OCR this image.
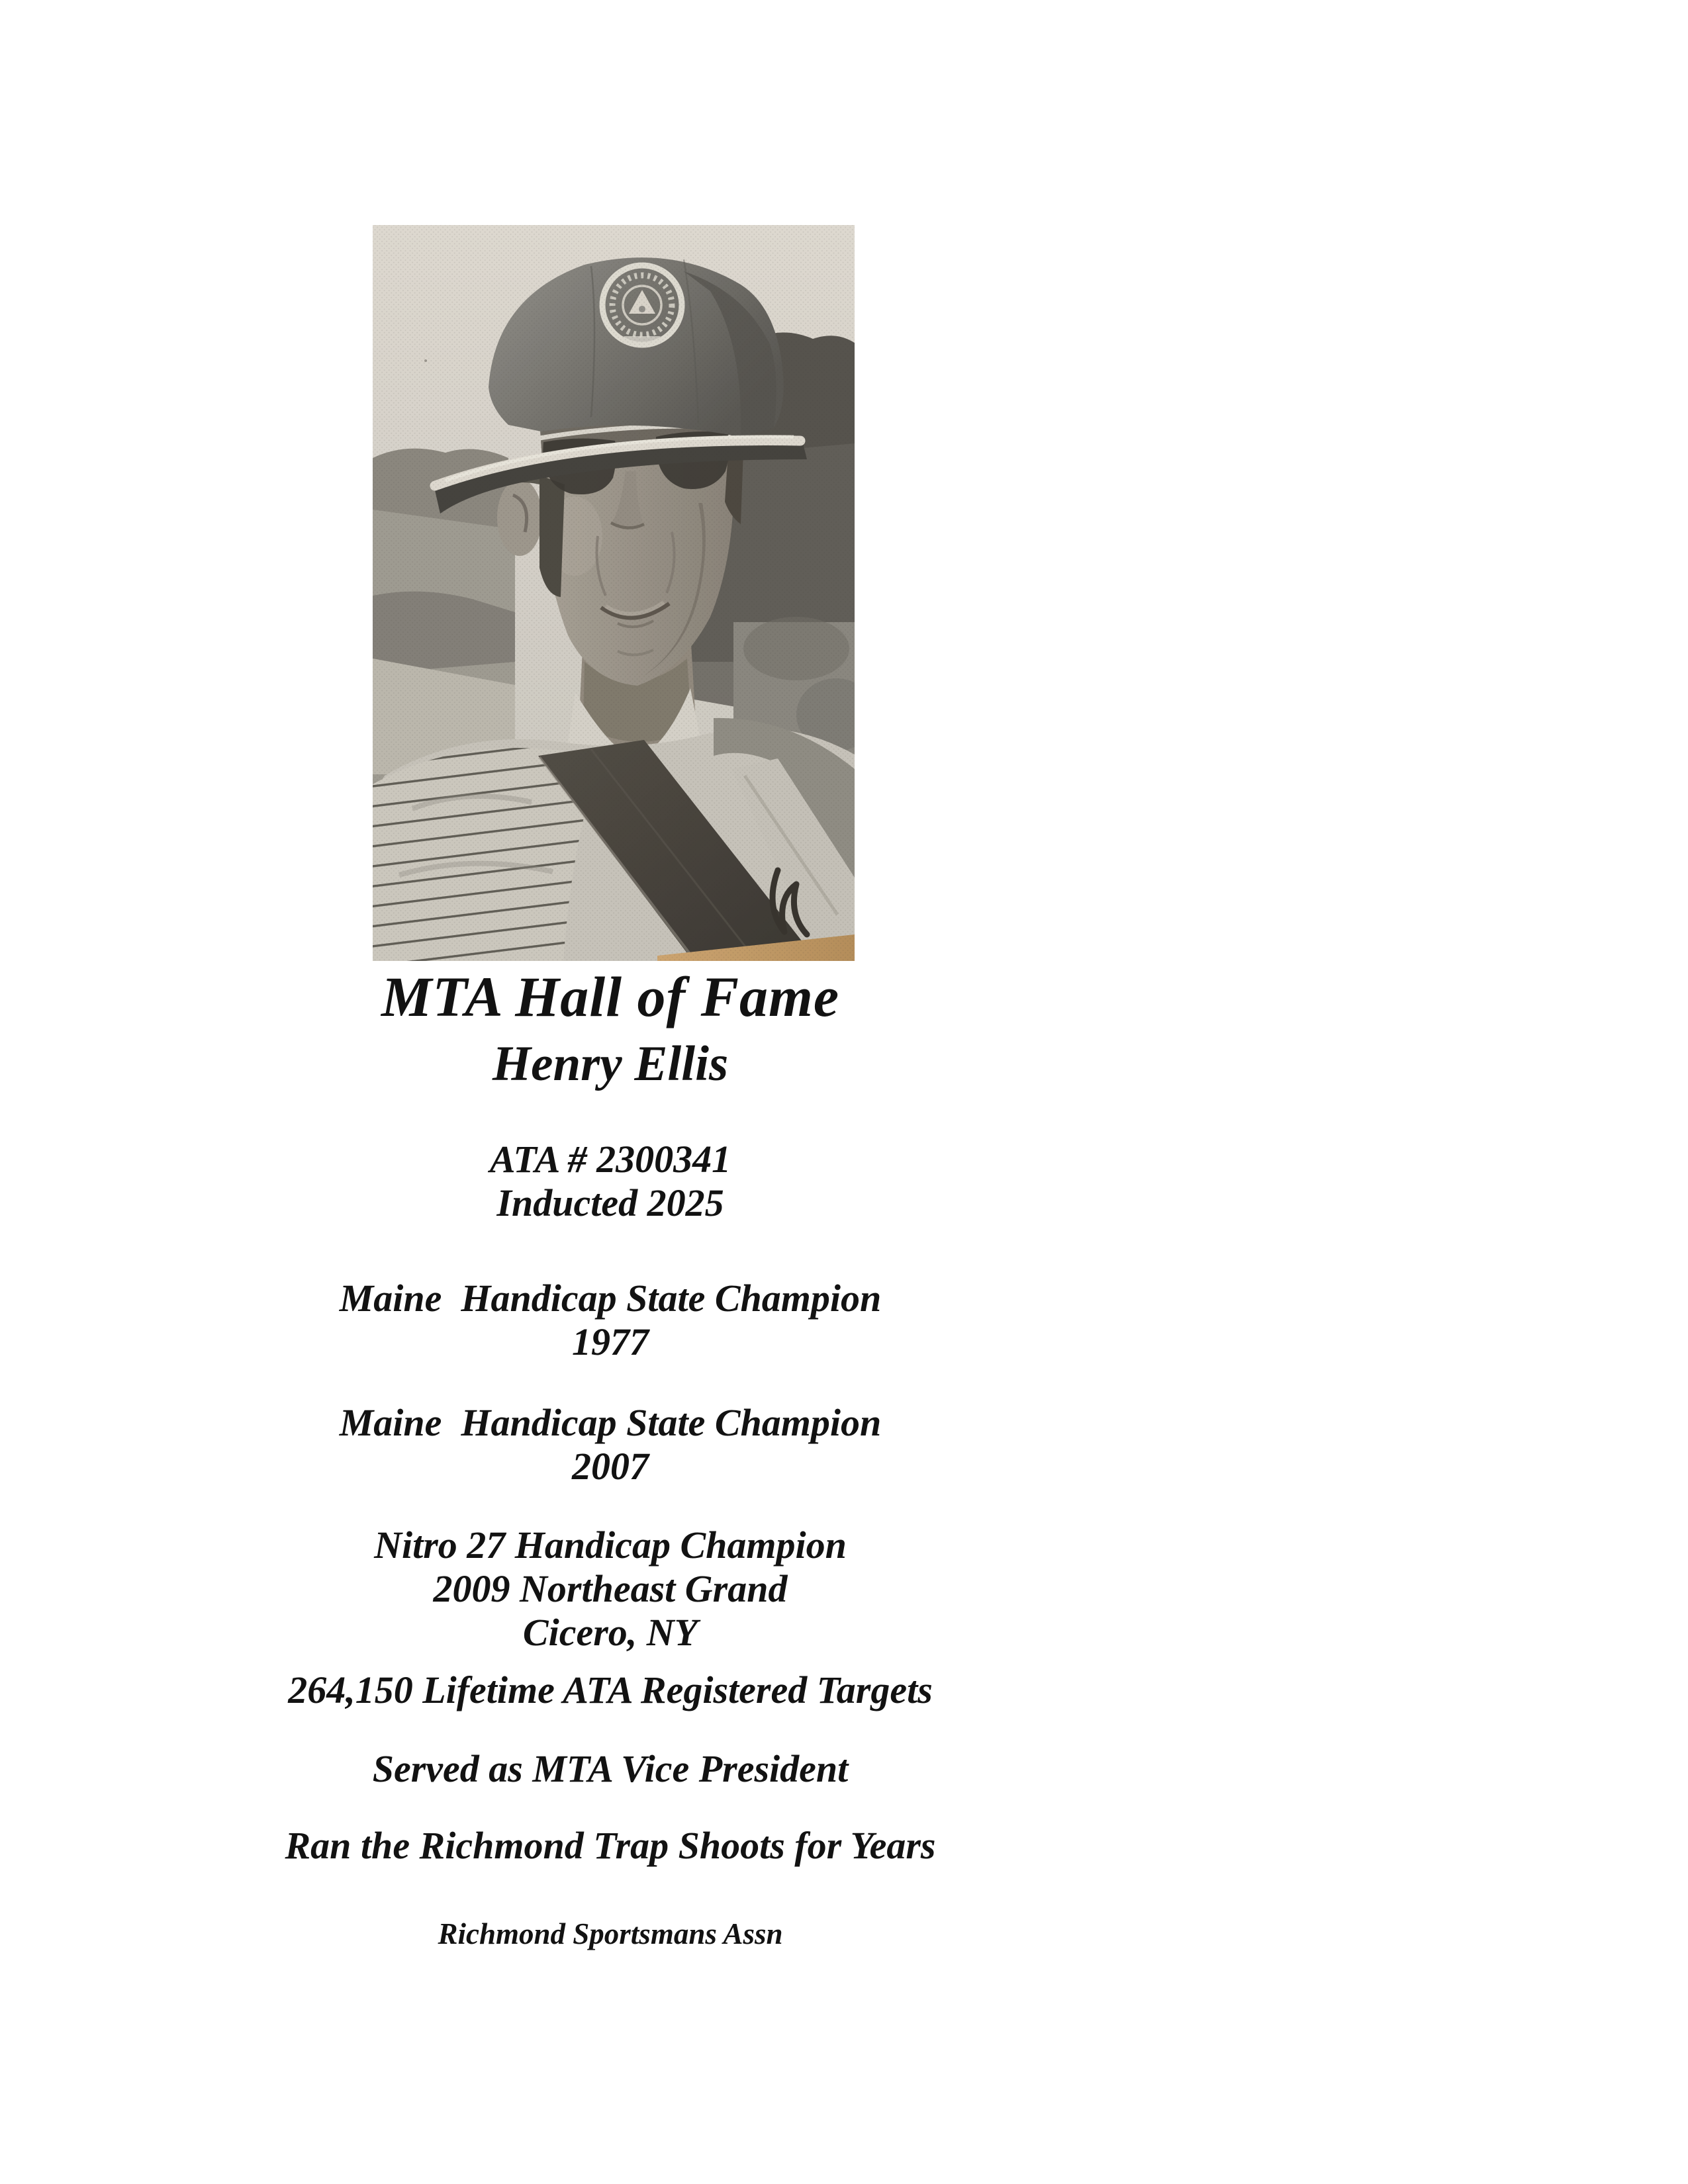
MTA Hall of Fame
Henry Ellis
ATA # 2300341
Inducted 2025
Maine  Handicap State Champion
1977
Maine  Handicap State Champion
2007
Nitro 27 Handicap Champion
2009 Northeast Grand
Cicero, NY
264,150 Lifetime ATA Registered Targets
Served as MTA Vice President
Ran the Richmond Trap Shoots for Years
Richmond Sportsmans Assn
